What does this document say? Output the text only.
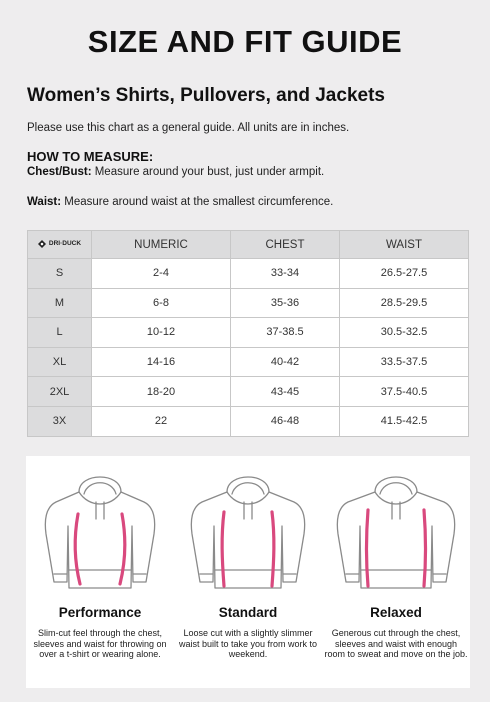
SIZE AND FIT GUIDE
Women’s Shirts, Pullovers, and Jackets
Please use this chart as a general guide. All units are in inches.
HOW TO MEASURE:
Chest/Bust: Measure around your bust, just under armpit.
Waist: Measure around waist at the smallest circumference.
DRI·DUCK	NUMERIC	CHEST	WAIST
S	2-4	33-34	26.5-27.5
M	6-8	35-36	28.5-29.5
L	10-12	37-38.5	30.5-32.5
XL	14-16	40-42	33.5-37.5
2XL	18-20	43-45	37.5-40.5
3X	22	46-48	41.5-42.5
Performance
Slim-cut feel through the chest, sleeves and waist for throwing on over a t-shirt or wearing alone.
Standard
Loose cut with a slightly slimmer waist built to take you from work to weekend.
Relaxed
Generous cut through the chest, sleeves and waist with enough room to sweat and move on the job.
